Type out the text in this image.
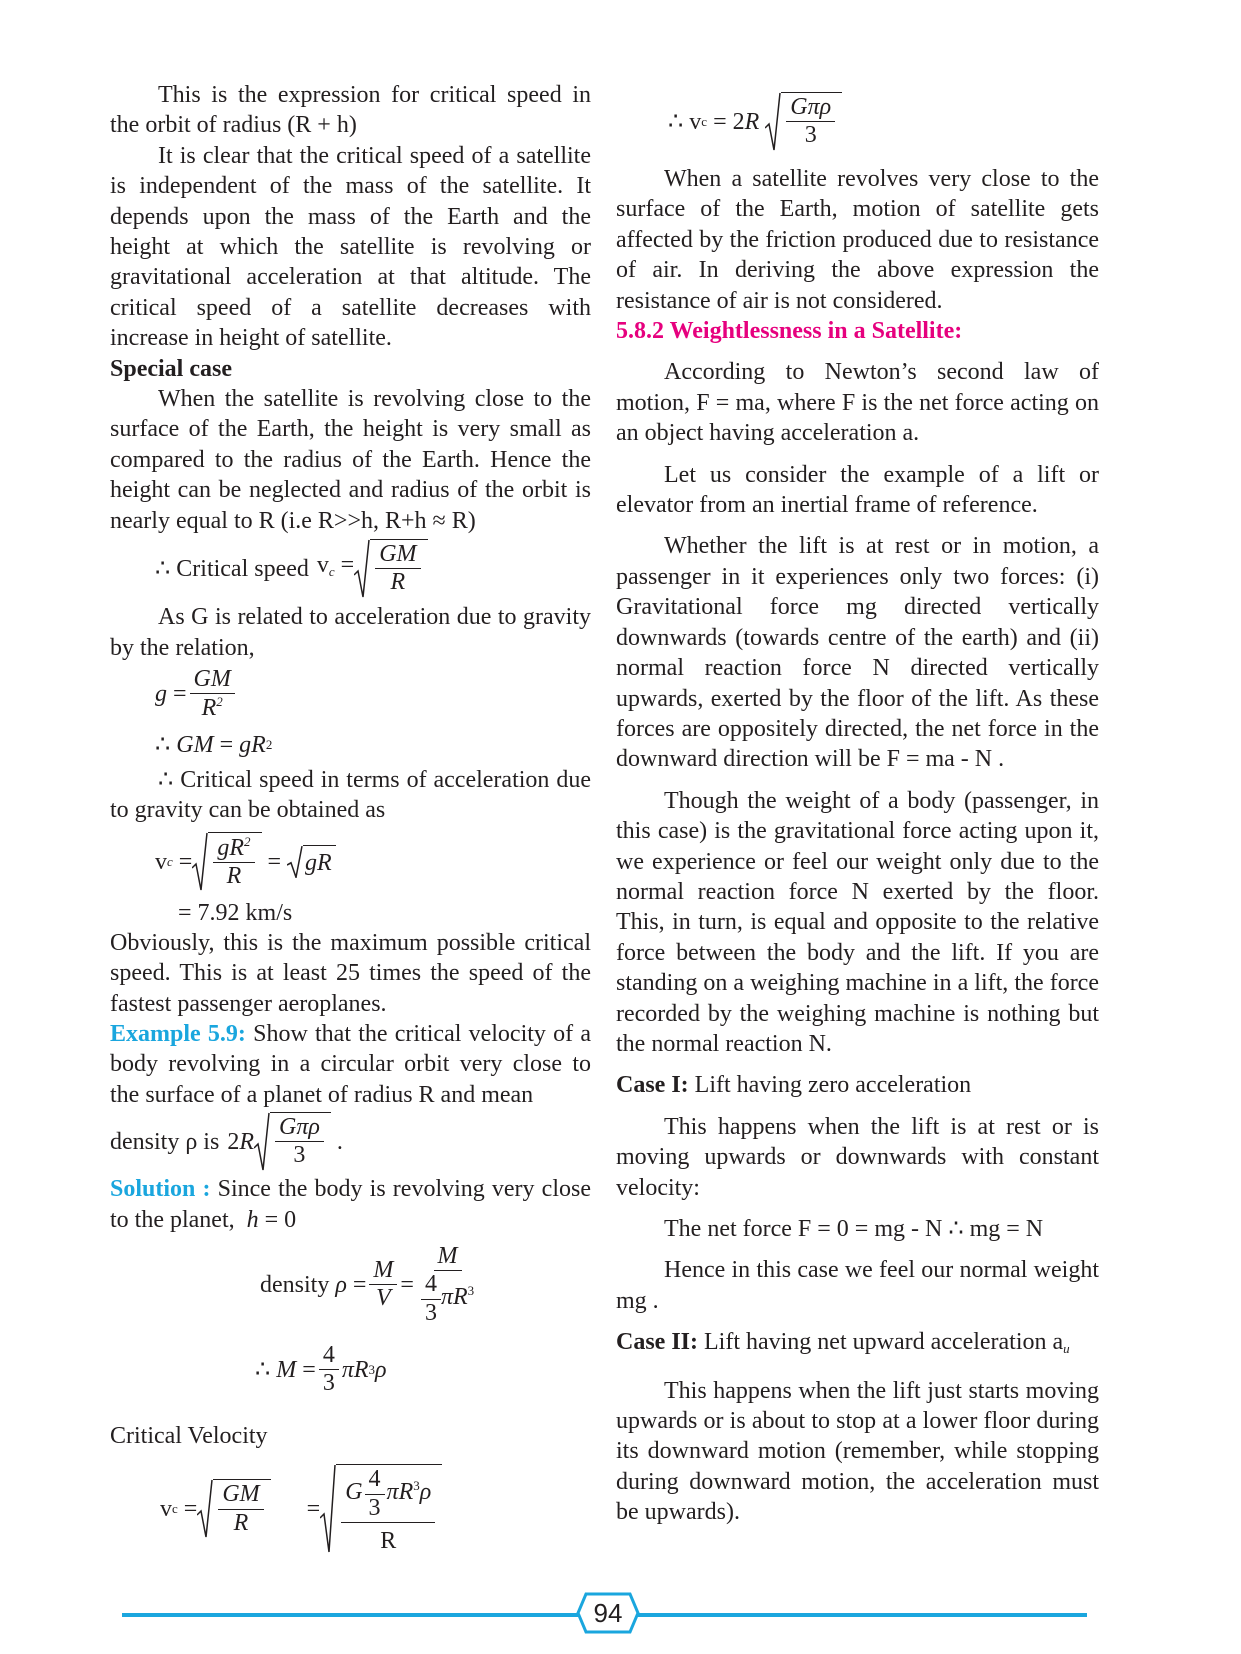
This is the expression for critical speed in the orbit of radius (R + h)

It is clear that the critical speed of a satellite is independent of the mass of the satellite. It depends upon the mass of the Earth and the height at which the satellite is revolving or gravitational acceleration at that altitude. The critical speed of a satellite decreases with increase in height of satellite.

Special case

When the satellite is revolving close to the surface of the Earth, the height is very small as compared to the radius of the Earth. Hence the height can be neglected and radius of the orbit is nearly equal to R (i.e R>>h, R+h ≈ R)

∴ Critical speed $v_c = \frac{GM}{R}$

As G is related to acceleration due to gravity by the relation,

$g = \frac{GM}{R^2}$
∴ GM = gR 2

∴ Critical speed in terms of acceleration due to gravity can be obtained as

v $c = \frac{gR^2}{R}$ = gR
= 7.92 km/s

Obviously, this is the maximum possible critical speed. This is at least 25 times the speed of the fastest passenger aeroplanes.

Example 5.9: Show that the critical velocity of a body revolving in a circular orbit very close to the surface of a planet of radius R and mean

density ρ is $2R \frac{\text{Gπρ}}{3}$ .

Solution : Since the body is revolving very close to the planet, h = 0

density
$\rho = \frac{M}{V} = \frac{M}{\frac{4}{3} \pi R^3}$
∴ $M = \frac{4}{3}$ πR 3 ρ

Critical Velocity

v $c = \frac{GM}{R} = \frac{G \frac{4}{3} \pi R^3\rho}{R}$
∴ v c = 2 R
$\frac{\text{Gπρ}}{3}$

When a satellite revolves very close to the surface of the Earth, motion of satellite gets affected by the friction produced due to resistance of air. In deriving the above expression the resistance of air is not considered.

5.8.2 Weightlessness in a Satellite:

According to Newton’s second law of motion, F = ma, where F is the net force acting on an object having acceleration a.

Let us consider the example of a lift or elevator from an inertial frame of reference.

Whether the lift is at rest or in motion, a passenger in it experiences only two forces: (i) Gravitational force mg directed vertically downwards (towards centre of the earth) and (ii) normal reaction force N directed vertically upwards, exerted by the floor of the lift. As these forces are oppositely directed, the net force in the downward direction will be F = ma - N .

Though the weight of a body (passenger, in this case) is the gravitational force acting upon it, we experience or feel our weight only due to the normal reaction force N exerted by the floor. This, in turn, is equal and opposite to the relative force between the body and the lift. If you are standing on a weighing machine in a lift, the force recorded by the weighing machine is nothing but the normal reaction N.

Case I: Lift having zero acceleration

This happens when the lift is at rest or is moving upwards or downwards with constant velocity:

The net force F = 0 = mg - N ∴ mg = N

Hence in this case we feel our normal weight mg .

Case II: Lift having net upward acceleration $a_u$

This happens when the lift just starts moving upwards or is about to stop at a lower floor during its downward motion (remember, while stopping during downward motion, the acceleration must be upwards).

94
